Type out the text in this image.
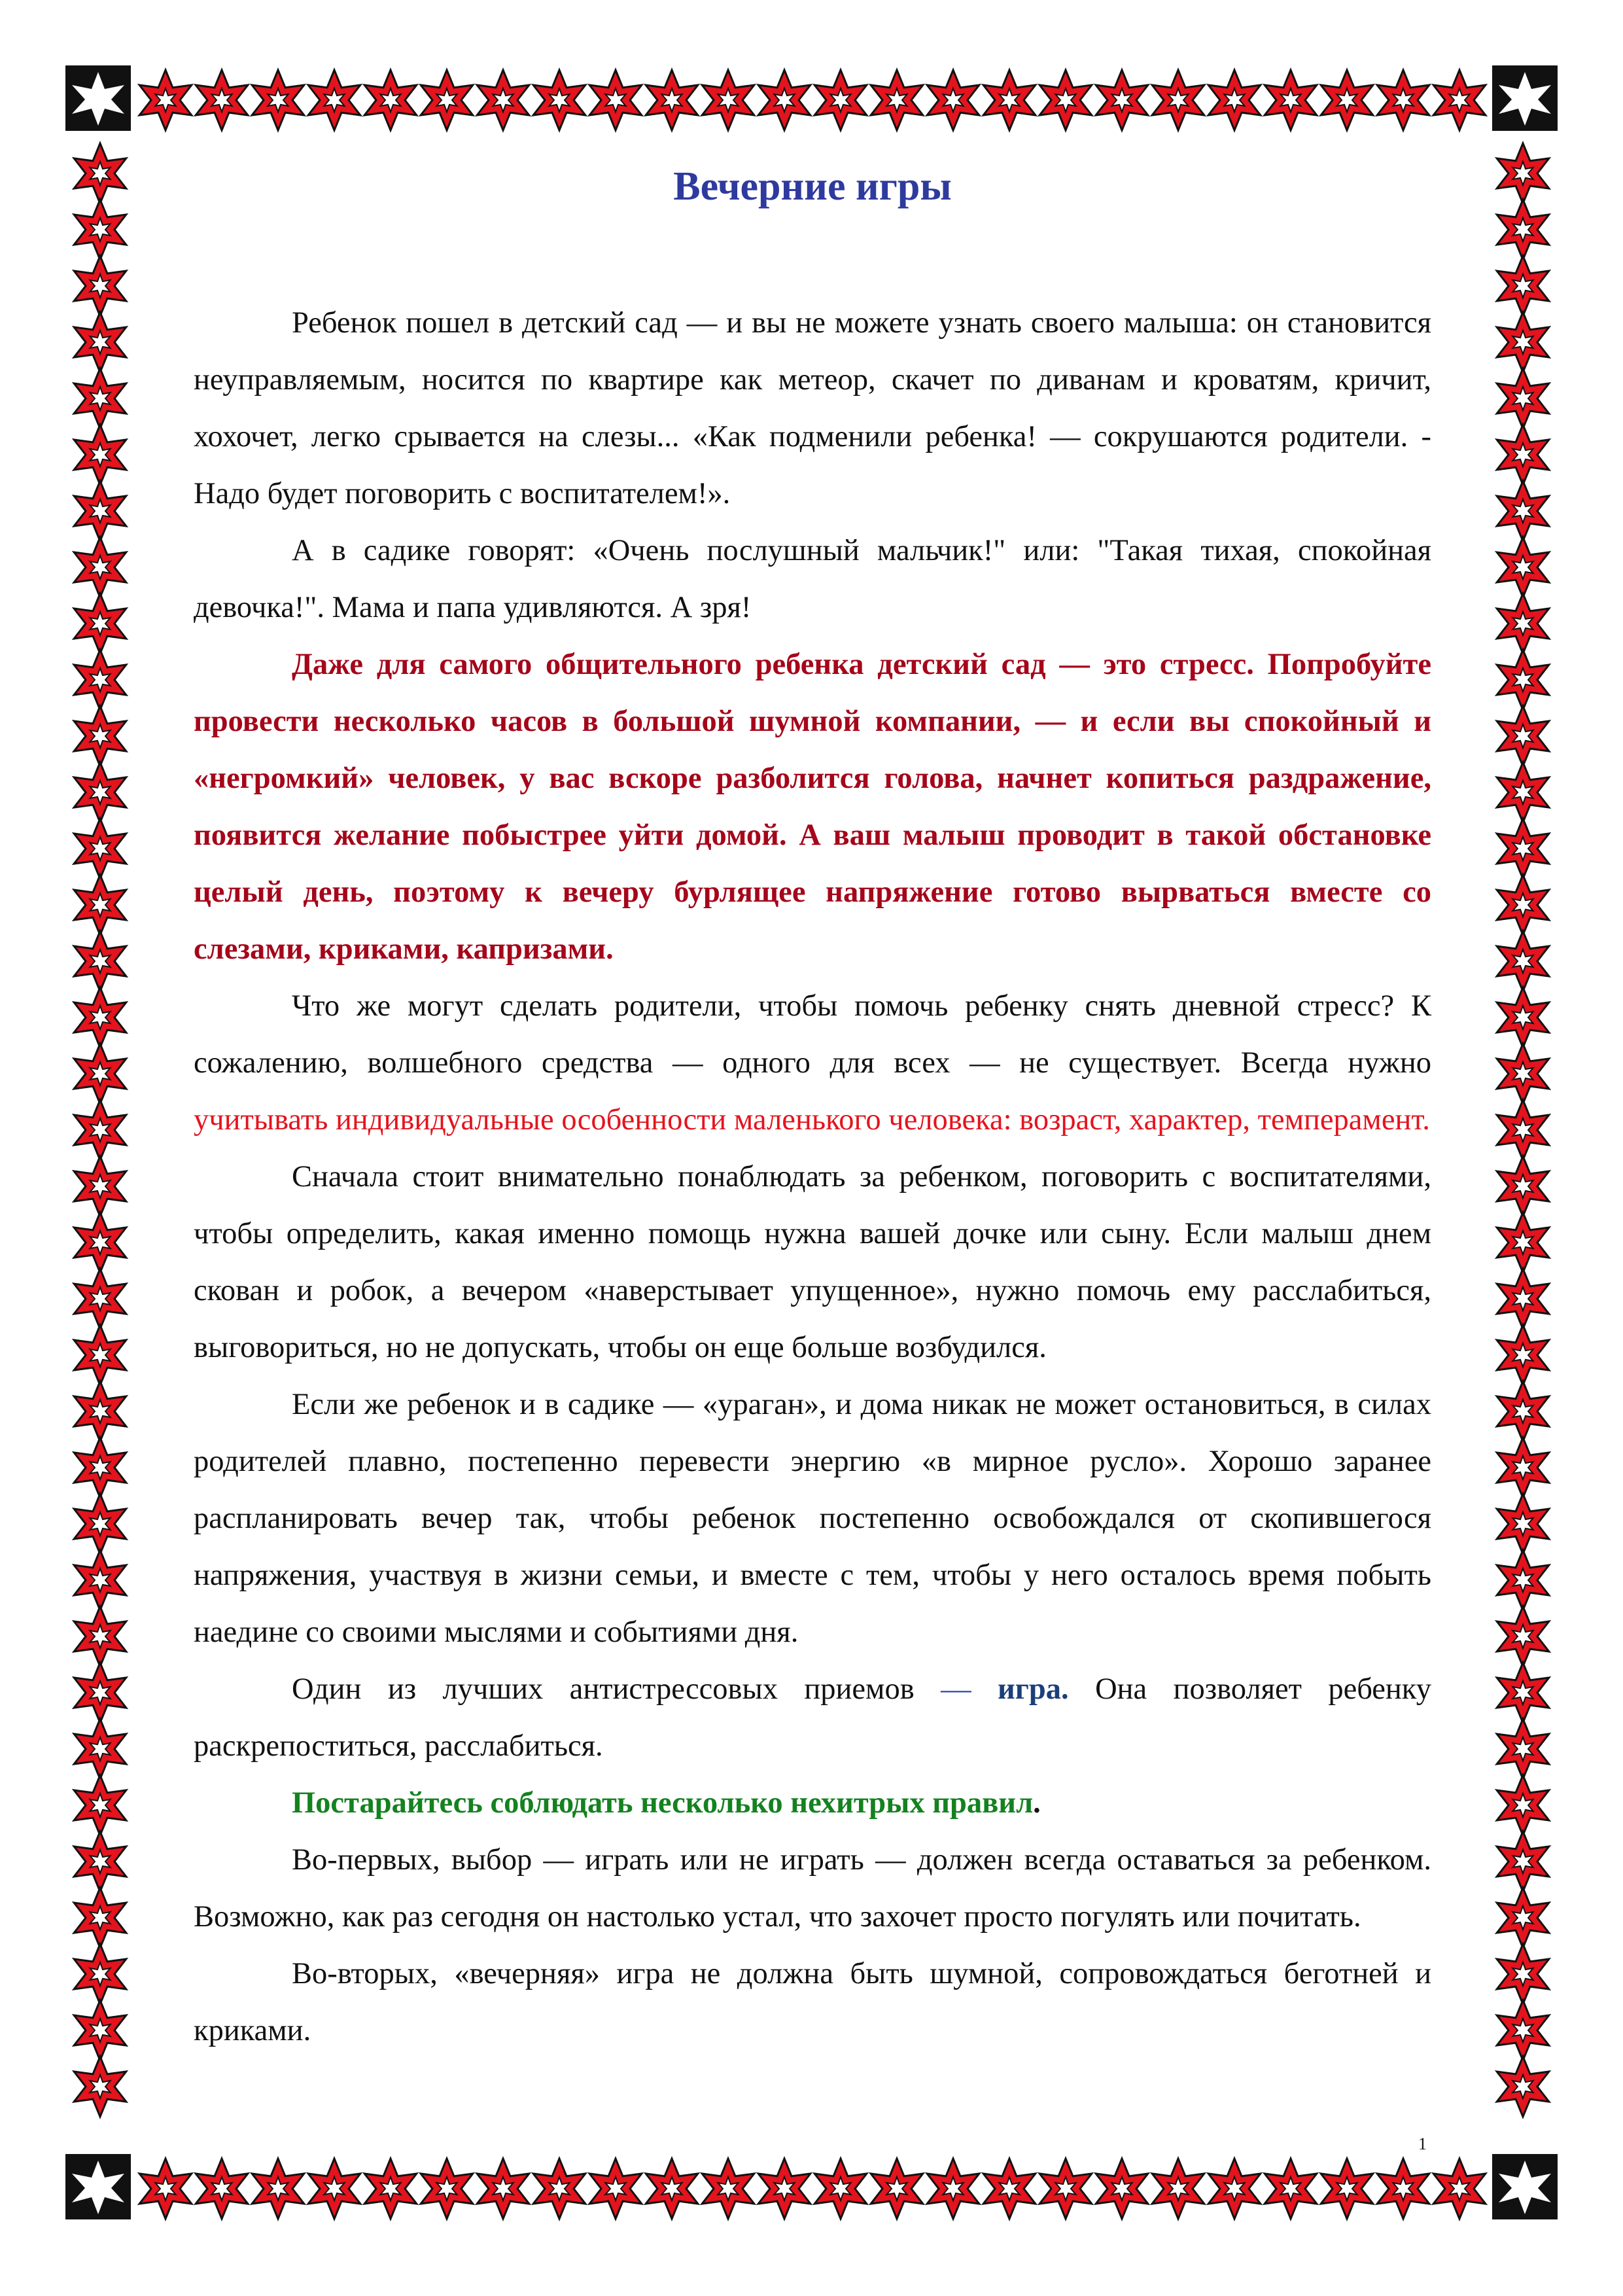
Вечерние игры

Ребенок пошел в детский сад — и вы не можете узнать своего малыша: он становится неуправляемым, носится по квартире как метеор, скачет по диванам и кроватям, кричит, хохочет, легко срывается на слезы... «Как подменили ребенка! — сокрушаются родители. - Надо будет поговорить с воспитателем!».

А в садике говорят: «Очень послушный мальчик!" или: "Такая тихая, спокойная девочка!". Мама и папа удивляются. А зря!

Даже для самого общительного ребенка детский сад — это стресс. Попробуйте провести несколько часов в большой шумной компании, — и если вы спокойный и «негромкий» человек, у вас вскоре разболится голова, начнет копиться раздражение, появится желание побыстрее уйти домой. А ваш малыш проводит в такой обстановке целый день, поэтому к вечеру бурлящее напряжение готово вырваться вместе со слезами, криками, капризами.

Что же могут сделать родители, чтобы помочь ребенку снять дневной стресс? К сожалению, волшебного средства — одного для всех — не существует. Всегда нужно учитывать индивидуальные особенности маленького человека: возраст, характер, темперамент.

Сначала стоит внимательно понаблюдать за ребенком, поговорить с воспитателями, чтобы определить, какая именно помощь нужна вашей дочке или сыну. Если малыш днем скован и робок, а вечером «наверстывает упущенное», нужно помочь ему расслабиться, выговориться, но не допускать, чтобы он еще больше возбудился.

Если же ребенок и в садике — «ураган», и дома никак не может остановиться, в силах родителей плавно, постепенно перевести энергию «в мирное русло». Хорошо заранее распланировать вечер так, чтобы ребенок постепенно освобождался от скопившегося напряжения, участвуя в жизни семьи, и вместе с тем, чтобы у него осталось время побыть наедине со своими мыслями и событиями дня.

Один из лучших антистрессовых приемов — игра. Она позволяет ребенку раскрепоститься, расслабиться.

Постарайтесь соблюдать несколько нехитрых правил.

Во-первых, выбор — играть или не играть — должен всегда оставаться за ребенком. Возможно, как раз сегодня он настолько устал, что захочет просто погулять или почитать.

Во-вторых, «вечерняя» игра не должна быть шумной, сопровождаться беготней и криками.

1
